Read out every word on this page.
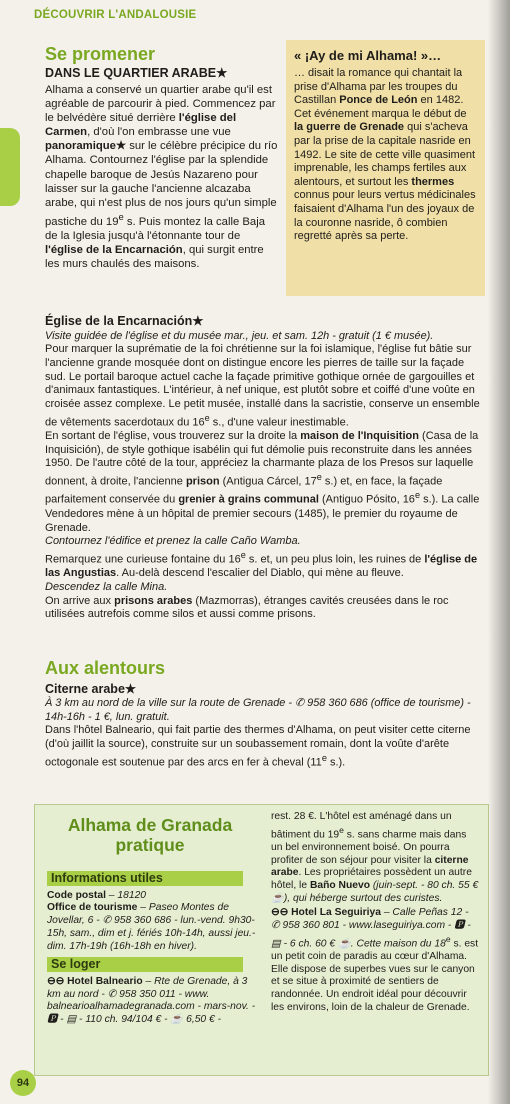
DÉCOUVRIR L'ANDALOUSIE
Se promener
DANS LE QUARTIER ARABE★

Alhama a conservé un quartier arabe qu'il est agréable de parcourir à pied. Commencez par le belvédère situé derrière l'église del Carmen, d'où l'on embrasse une vue panoramique★ sur le célèbre précipice du río Alhama. Contournez l'église par la splendide chapelle baroque de Jesús Nazareno pour laisser sur la gauche l'ancienne alcazaba arabe, qui n'est plus de nos jours qu'un simple pastiche du 19e s. Puis montez la calle Baja de la Iglesia jusqu'à l'étonnante tour de l'église de la Encarnación, qui surgit entre les murs chaulés des maisons.

« ¡Ay de mi Alhama! »…

… disait la romance qui chantait la prise d'Alhama par les troupes du Castillan Ponce de León en 1482. Cet événement marqua le début de la guerre de Grenade qui s'acheva par la prise de la capitale nasride en 1492. Le site de cette ville quasiment imprenable, les champs fertiles aux alentours, et surtout les thermes connus pour leurs vertus médicinales faisaient d'Alhama l'un des joyaux de la couronne nasride, ô combien regretté après sa perte.

Église de la Encarnación★

Visite guidée de l'église et du musée mar., jeu. et sam. 12h - gratuit (1 € musée).

Pour marquer la suprématie de la foi chrétienne sur la foi islamique, l'église fut bâtie sur l'ancienne grande mosquée dont on distingue encore les pierres de taille sur la façade sud. Le portail baroque actuel cache la façade primitive gothique ornée de gargouilles et d'animaux fantastiques. L'intérieur, à nef unique, est plutôt sobre et coiffé d'une voûte en croisée assez complexe. Le petit musée, installé dans la sacristie, conserve un ensemble de vêtements sacerdotaux du 16e s., d'une valeur inestimable.

En sortant de l'église, vous trouverez sur la droite la maison de l'Inquisition (Casa de la Inquisición), de style gothique isabélin qui fut démolie puis reconstruite dans les années 1950. De l'autre côté de la tour, appréciez la charmante plaza de los Presos sur laquelle donnent, à droite, l'ancienne prison (Antigua Cárcel, 17e s.) et, en face, la façade parfaitement conservée du grenier à grains communal (Antiguo Pósito, 16e s.). La calle Vendedores mène à un hôpital de premier secours (1485), le premier du royaume de Grenade.

Contournez l'édifice et prenez la calle Caño Wamba.

Remarquez une curieuse fontaine du 16e s. et, un peu plus loin, les ruines de l'église de las Angustias. Au-delà descend l'escalier del Diablo, qui mène au fleuve.

Descendez la calle Mina.

On arrive aux prisons arabes (Mazmorras), étranges cavités creusées dans le roc utilisées autrefois comme silos et aussi comme prisons.

Aux alentours
Citerne arabe★

À 3 km au nord de la ville sur la route de Grenade - ✆ 958 360 686 (office de tourisme) - 14h-16h - 1 €, lun. gratuit.

Dans l'hôtel Balneario, qui fait partie des thermes d'Alhama, on peut visiter cette citerne (d'où jaillit la source), construite sur un soubassement romain, dont la voûte d'arête octogonale est soutenue par des arcs en fer à cheval (11e s.).

Alhama de Granada pratique
Informations utiles

Code postal – 18120

Office de tourisme – Paseo Montes de Jovellar, 6 - ✆ 958 360 686 - lun.-vend. 9h30-15h, sam., dim et j. fériés 10h-14h, aussi jeu.-dim. 17h-19h (16h-18h en hiver).

Se loger

⊖⊖ Hotel Balneario – Rte de Grenade, à 3 km au nord - ✆ 958 350 011 - www. balnearioalhamadegranada.com - mars-nov. - 🅿 - ▤ - 110 ch. 94/104 € - ☕ 6,50 € -

rest. 28 €. L'hôtel est aménagé dans un bâtiment du 19e s. sans charme mais dans un bel environnement boisé. On pourra profiter de son séjour pour visiter la citerne arabe. Les propriétaires possèdent un autre hôtel, le Baño Nuevo (juin-sept. - 80 ch. 55 € ☕), qui héberge surtout des curistes.

⊖⊖ Hotel La Seguiriya – Calle Peñas 12 - ✆ 958 360 801 - www.laseguiriya.com - 🅿 - ▤ - 6 ch. 60 € ☕. Cette maison du 18e s. est un petit coin de paradis au cœur d'Alhama. Elle dispose de superbes vues sur le canyon et se situe à proximité de sentiers de randonnée. Un endroit idéal pour découvrir les environs, loin de la chaleur de Grenade.

94
